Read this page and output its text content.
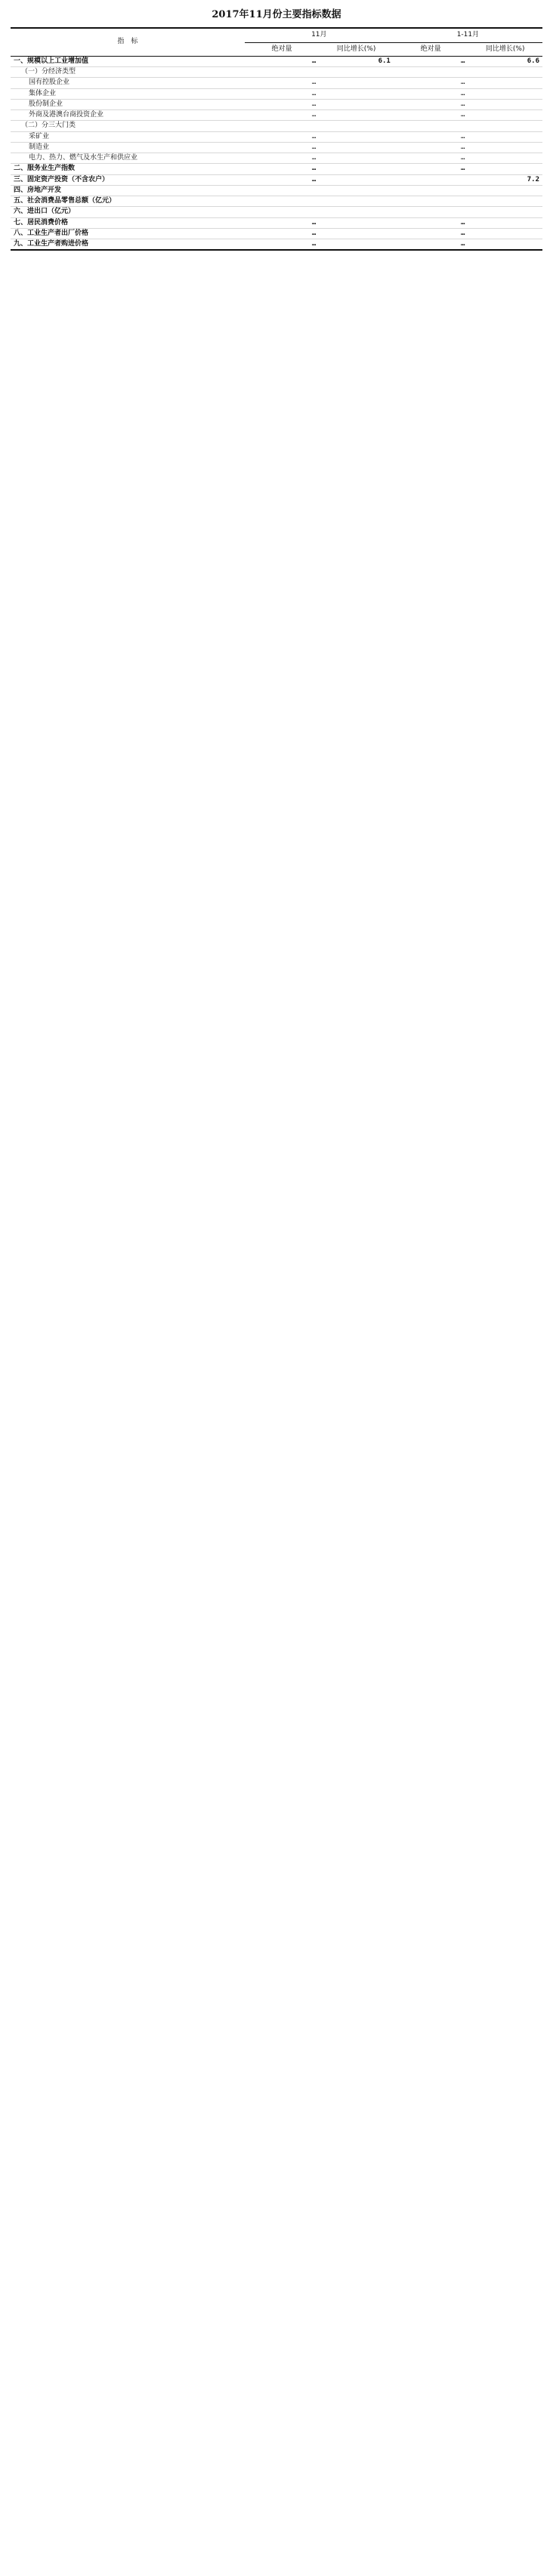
2017年11月份主要指标数据
指　标	11月		1-11月	
	绝对量	同比增长(%)	绝对量	同比增长(%)
一、规模以上工业增加值	…	6.1	…	6.6
（一）分经济类型				
国有控股企业	…		…	
集体企业	…		…	
股份制企业	…		…	
外商及港澳台商投资企业	…		…	
（二）分三大门类				
采矿业	…		…	
制造业	…		…	
电力、热力、燃气及水生产和供应业	…		…	
二、服务业生产指数	…		…	
三、固定资产投资（不含农户）	…			7.2
四、房地产开发				
五、社会消费品零售总额（亿元）				
六、进出口（亿元）				
七、居民消费价格	…		…	
八、工业生产者出厂价格	…		…	
九、工业生产者购进价格	…		…	
